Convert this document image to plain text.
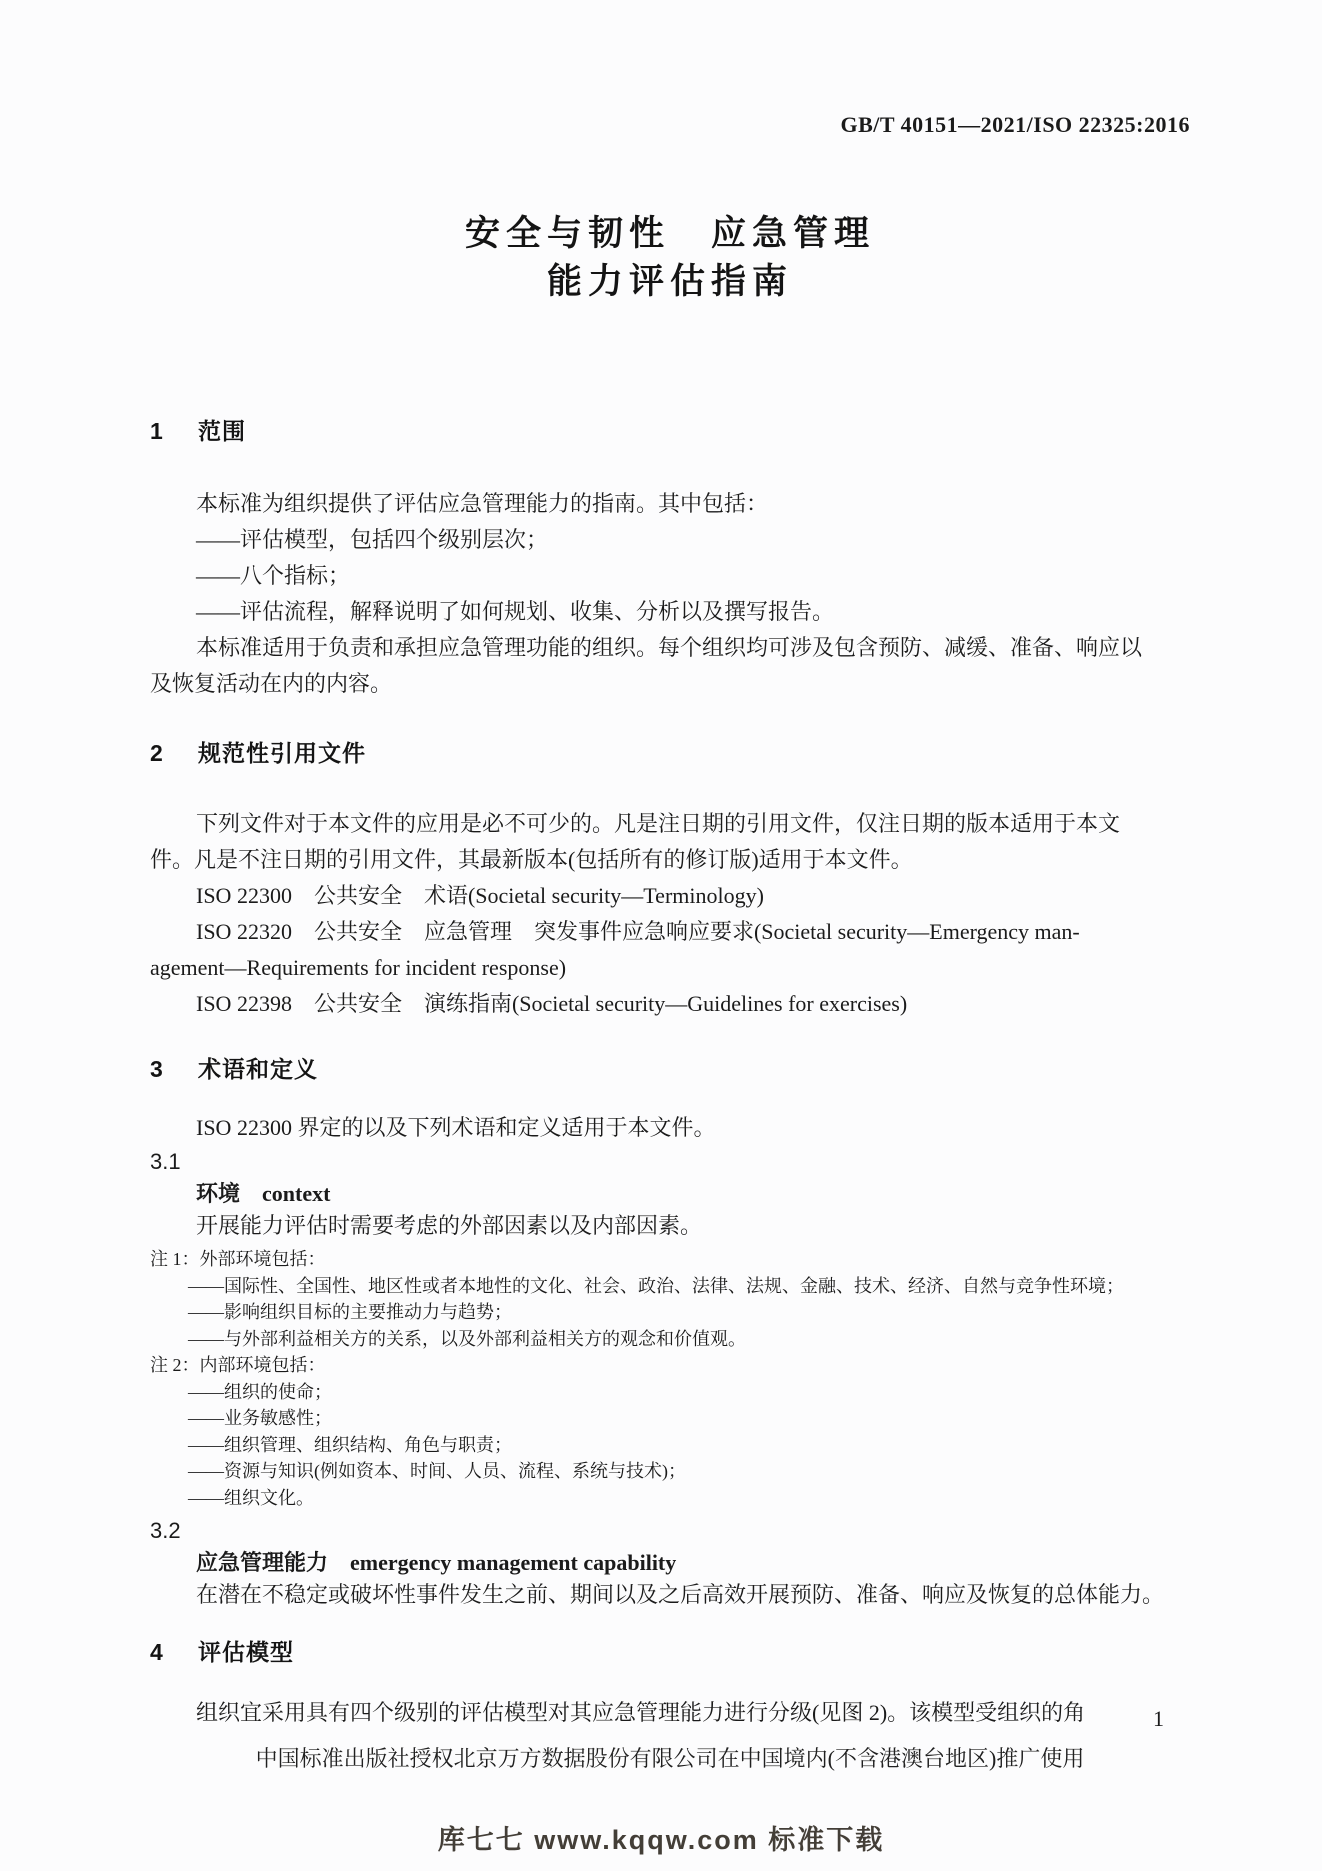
GB/T 40151—2021/ISO 22325:2016
安全与韧性　应急管理
能力评估指南
1 范围
本标准为组织提供了评估应急管理能力的指南。其中包括：
——评估模型，包括四个级别层次；
——八个指标；
——评估流程，解释说明了如何规划、收集、分析以及撰写报告。
本标准适用于负责和承担应急管理功能的组织。每个组织均可涉及包含预防、减缓、准备、响应以
及恢复活动在内的内容。
2 规范性引用文件
下列文件对于本文件的应用是必不可少的。凡是注日期的引用文件，仅注日期的版本适用于本文
件。凡是不注日期的引用文件，其最新版本(包括所有的修订版)适用于本文件。
ISO 22300　公共安全　术语(Societal security—Terminology)
ISO 22320　公共安全　应急管理　突发事件应急响应要求(Societal security—Emergency man-
agement—Requirements for incident response)
ISO 22398　公共安全　演练指南(Societal security—Guidelines for exercises)
3 术语和定义
ISO 22300 界定的以及下列术语和定义适用于本文件。
3.1
环境　context
开展能力评估时需要考虑的外部因素以及内部因素。
注 1：外部环境包括：
——国际性、全国性、地区性或者本地性的文化、社会、政治、法律、法规、金融、技术、经济、自然与竞争性环境；
——影响组织目标的主要推动力与趋势；
——与外部利益相关方的关系，以及外部利益相关方的观念和价值观。
注 2：内部环境包括：
——组织的使命；
——业务敏感性；
——组织管理、组织结构、角色与职责；
——资源与知识(例如资本、时间、人员、流程、系统与技术)；
——组织文化。
3.2
应急管理能力　emergency management capability
在潜在不稳定或破坏性事件发生之前、期间以及之后高效开展预防、准备、响应及恢复的总体能力。
4 评估模型
组织宜采用具有四个级别的评估模型对其应急管理能力进行分级(见图 2)。该模型受组织的角	1
中国标准出版社授权北京万方数据股份有限公司在中国境内(不含港澳台地区)推广使用
库七七 www.kqqw.com 标准下载
